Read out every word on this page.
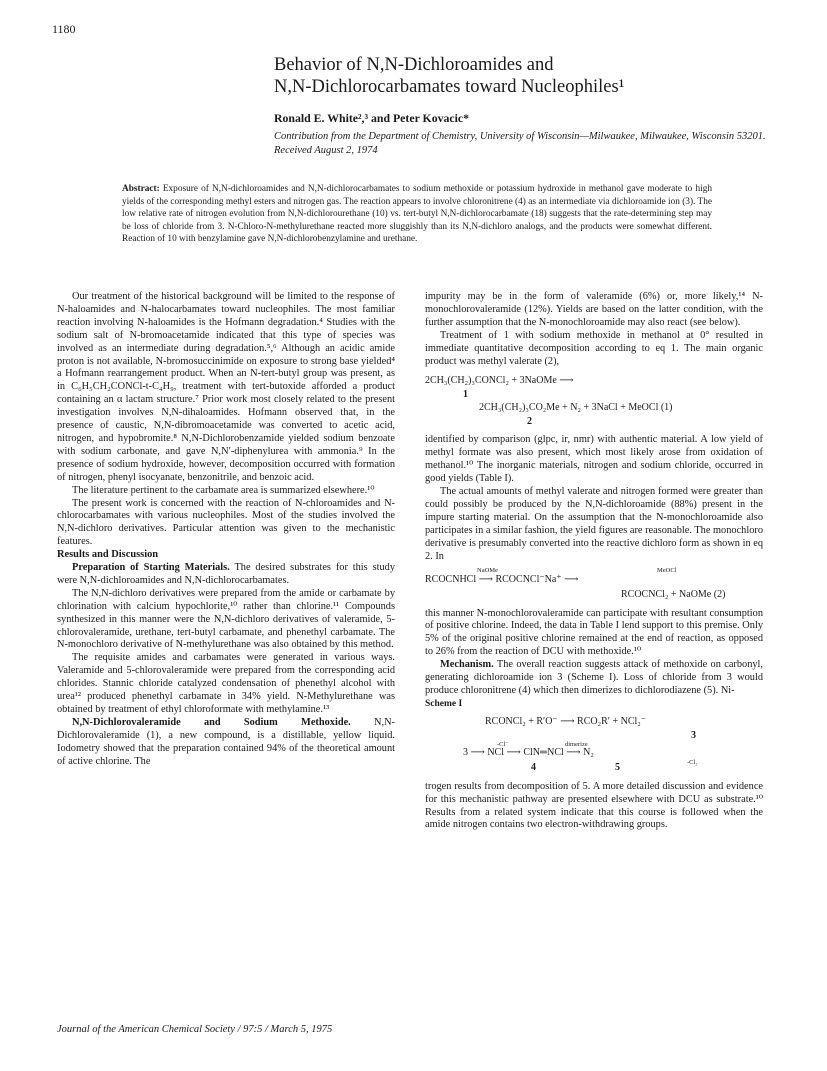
1180
Behavior of N,N-Dichloroamides and
N,N-Dichlorocarbamates toward Nucleophiles¹
Ronald E. White²,³ and Peter Kovacic*
Contribution from the Department of Chemistry, University of Wisconsin—Milwaukee, Milwaukee, Wisconsin 53201. Received August 2, 1974
Abstract: Exposure of N,N-dichloroamides and N,N-dichlorocarbamates to sodium methoxide or potassium hydroxide in methanol gave moderate to high yields of the corresponding methyl esters and nitrogen gas. The reaction appears to involve chloronitrene (4) as an intermediate via dichloroamide ion (3). The low relative rate of nitrogen evolution from N,N-dichlorourethane (10) vs. tert-butyl N,N-dichlorocarbamate (18) suggests that the rate-determining step may be loss of chloride from 3. N-Chloro-N-methylurethane reacted more sluggishly than its N,N-dichloro analogs, and the products were somewhat different. Reaction of 10 with benzylamine gave N,N-dichlorobenzylamine and urethane.

Our treatment of the historical background will be limited to the response of N-haloamides and N-halocarbamates toward nucleophiles. The most familiar reaction involving N-haloamides is the Hofmann degradation.⁴ Studies with the sodium salt of N-bromoacetamide indicated that this type of species was involved as an intermediate during degradation.⁵,⁶ Although an acidic amide proton is not available, N-bromosuccinimide on exposure to strong base yielded⁴ a Hofmann rearrangement product. When an N-tert-butyl group was present, as in C₆H₅CH₂CONCl-t-C₄H₉, treatment with tert-butoxide afforded a product containing an α lactam structure.⁷ Prior work most closely related to the present investigation involves N,N-dihaloamides. Hofmann observed that, in the presence of caustic, N,N-dibromoacetamide was converted to acetic acid, nitrogen, and hypobromite.⁸ N,N-Dichlorobenzamide yielded sodium benzoate with sodium carbonate, and gave N,N′-diphenylurea with ammonia.⁹ In the presence of sodium hydroxide, however, decomposition occurred with formation of nitrogen, phenyl isocyanate, benzonitrile, and benzoic acid.

The literature pertinent to the carbamate area is summarized elsewhere.¹⁰

The present work is concerned with the reaction of N-chloroamides and N-chlorocarbamates with various nucleophiles. Most of the studies involved the N,N-dichloro derivatives. Particular attention was given to the mechanistic features.

Results and Discussion

Preparation of Starting Materials. The desired substrates for this study were N,N-dichloroamides and N,N-dichlorocarbamates.

The N,N-dichloro derivatives were prepared from the amide or carbamate by chlorination with calcium hypochlorite,¹⁰ rather than chlorine.¹¹ Compounds synthesized in this manner were the N,N-dichloro derivatives of valeramide, 5-chlorovaleramide, urethane, tert-butyl carbamate, and phenethyl carbamate. The N-monochloro derivative of N-methylurethane was also obtained by this method.

The requisite amides and carbamates were generated in various ways. Valeramide and 5-chlorovaleramide were prepared from the corresponding acid chlorides. Stannic chloride catalyzed condensation of phenethyl alcohol with urea¹² produced phenethyl carbamate in 34% yield. N-Methylurethane was obtained by treatment of ethyl chloroformate with methylamine.¹³

N,N-Dichlorovaleramide and Sodium Methoxide. N,N-Dichlorovaleramide (1), a new compound, is a distillable, yellow liquid. Iodometry showed that the preparation contained 94% of the theoretical amount of active chlorine. The

impurity may be in the form of valeramide (6%) or, more likely,¹⁴ N-monochlorovaleramide (12%). Yields are based on the latter condition, with the further assumption that the N-monochloroamide may also react (see below).

Treatment of 1 with sodium methoxide in methanol at 0° resulted in immediate quantitative decomposition according to eq 1. The main organic product was methyl valerate (2),

2CH₃(CH₂)₃CONCl₂ + 3NaOMe ⟶
1
2CH₃(CH₂)₃CO₂Me + N₂ + 3NaCl + MeOCl (1)
2

identified by comparison (glpc, ir, nmr) with authentic material. A low yield of methyl formate was also present, which most likely arose from oxidation of methanol.¹⁰ The inorganic materials, nitrogen and sodium chloride, occurred in good yields (Table I).

The actual amounts of methyl valerate and nitrogen formed were greater than could possibly be produced by the N,N-dichloroamide (88%) present in the impure starting material. On the assumption that the N-monochloroamide also participates in a similar fashion, the yield figures are reasonable. The monochloro derivative is presumably converted into the reactive dichloro form as shown in eq 2. In

NaOMe	MeOCl
RCOCNHCl ⟶ RCOCNCl⁻Na⁺ ⟶
RCOCNCl₂ + NaOMe (2)

this manner N-monochlorovaleramide can participate with resultant consumption of positive chlorine. Indeed, the data in Table I lend support to this premise. Only 5% of the original positive chlorine remained at the end of reaction, as opposed to 26% from the reaction of DCU with methoxide.¹⁰

Mechanism. The overall reaction suggests attack of methoxide on carbonyl, generating dichloroamide ion 3 (Scheme I). Loss of chloride from 3 would produce chloronitrene (4) which then dimerizes to dichlorodiazene (5). Ni-

Scheme I

RCONCl₂ + R′O⁻ ⟶ RCO₂R′ + NCl₂⁻
3
-Cl⁻	dimerize
3 ⟶ NCl ⟶ ClN═NCl ⟶ N₂
-Cl₂
4	5

trogen results from decomposition of 5. A more detailed discussion and evidence for this mechanistic pathway are presented elsewhere with DCU as substrate.¹⁰ Results from a related system indicate that this course is followed when the amide nitrogen contains two electron-withdrawing groups.

Journal of the American Chemical Society / 97:5 / March 5, 1975
